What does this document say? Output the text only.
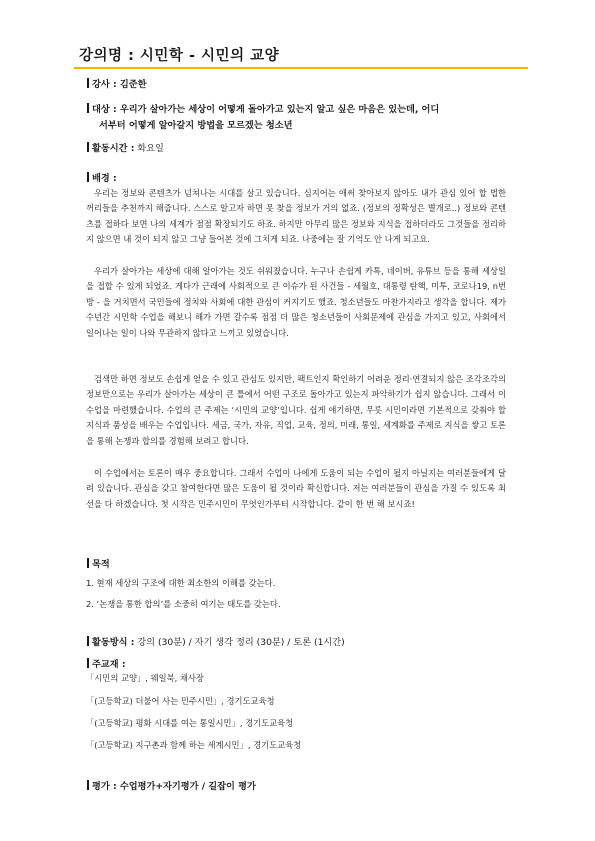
강의명 : 시민학 - 시민의 교양
강사 : 김준한
대상 : 우리가 살아가는 세상이 어떻게 돌아가고 있는지 알고 싶은 마음은 있는데, 어디
서부터 어떻게 알아갈지 방법을 모르겠는 청소년
활동시간 : 화요일
배경 :
우리는 정보와 콘텐츠가 넘쳐나는 시대를 살고 있습니다. 심지어는 애써 찾아보지 않아도 내가 관심 있어 할 법한 꺼리들을 추천까지 해줍니다. 스스로 알고자 하면 못 찾을 정보가 거의 없죠. (정보의 정확성은 별개로..) 정보와 콘텐츠를 접하다 보면 나의 세계가 점점 확장되기도 하죠. 하지만 아무리 많은 정보와 지식을 접하더라도 그것들을 정리하지 않으면 내 것이 되지 않고 그냥 들어본 것에 그치게 되죠. 나중에는 잘 기억도 안 나게 되고요.
우리가 살아가는 세상에 대해 알아가는 것도 쉬워졌습니다. 누구나 손쉽게 카톡, 네이버, 유튜브 등을 통해 세상일을 접할 수 있게 되었죠. 게다가 근래에 사회적으로 큰 이슈가 된 사건들 - 세월호, 대통령 탄핵, 미투, 코로나19, n번방 - 을 거치면서 국민들에 정치와 사회에 대한 관심이 커지기도 했죠. 청소년들도 마찬가지라고 생각을 합니다. 제가 수년간 시민학 수업을 해보니 해가 가면 갈수록 점점 더 많은 청소년들이 사회문제에 관심을 가지고 있고, 사회에서 일어나는 일이 나와 무관하지 않다고 느끼고 있었습니다.
검색만 하면 정보도 손쉽게 얻을 수 있고 관심도 있지만, 팩트인지 확인하기 어려운 정리·연결되지 않은 조각조각의 정보만으로는 우리가 살아가는 세상이 큰 틀에서 어떤 구조로 돌아가고 있는지 파악하기가 쉽지 않습니다. 그래서 이 수업을 마련했습니다. 수업의 큰 주제는 ‘시민의 교양’입니다. 쉽게 얘기하면, 무릇 시민이라면 기본적으로 갖춰야 할 지식과 품성을 배우는 수업입니다. 세금, 국가, 자유, 직업, 교육, 정의, 미래, 통일, 세계화를 주제로 지식을 쌓고 토론을 통해 논쟁과 합의를 경험해 보려고 합니다.
이 수업에서는 토론이 매우 중요합니다. 그래서 수업이 나에게 도움이 되는 수업이 될지 아닐지는 여러분들에게 달려 있습니다. 관심을 갖고 참여한다면 많은 도움이 될 것이라 확신합니다. 저는 여러분들이 관심을 가질 수 있도록 최선을 다 하겠습니다. 첫 시작은 민주시민이 무엇인가부터 시작합니다. 같이 한 번 해 보시죠!
목적
1. 현재 세상의 구조에 대한 최소한의 이해를 갖는다.
2. ‘논쟁을 통한 합의’를 소중히 여기는 태도를 갖는다.
활동방식 : 강의 (30분) / 자기 생각 정리 (30분) / 토론 (1시간)
주교재 :
「시민의 교양」, 웨일북, 채사장
「(고등학교) 더불어 사는 민주시민」, 경기도교육청
「(고등학교) 평화 시대를 여는 통일시민」, 경기도교육청
「(고등학교) 지구촌과 함께 하는 세계시민」, 경기도교육청
평가 : 수업평가+자기평가 / 길잡이 평가
